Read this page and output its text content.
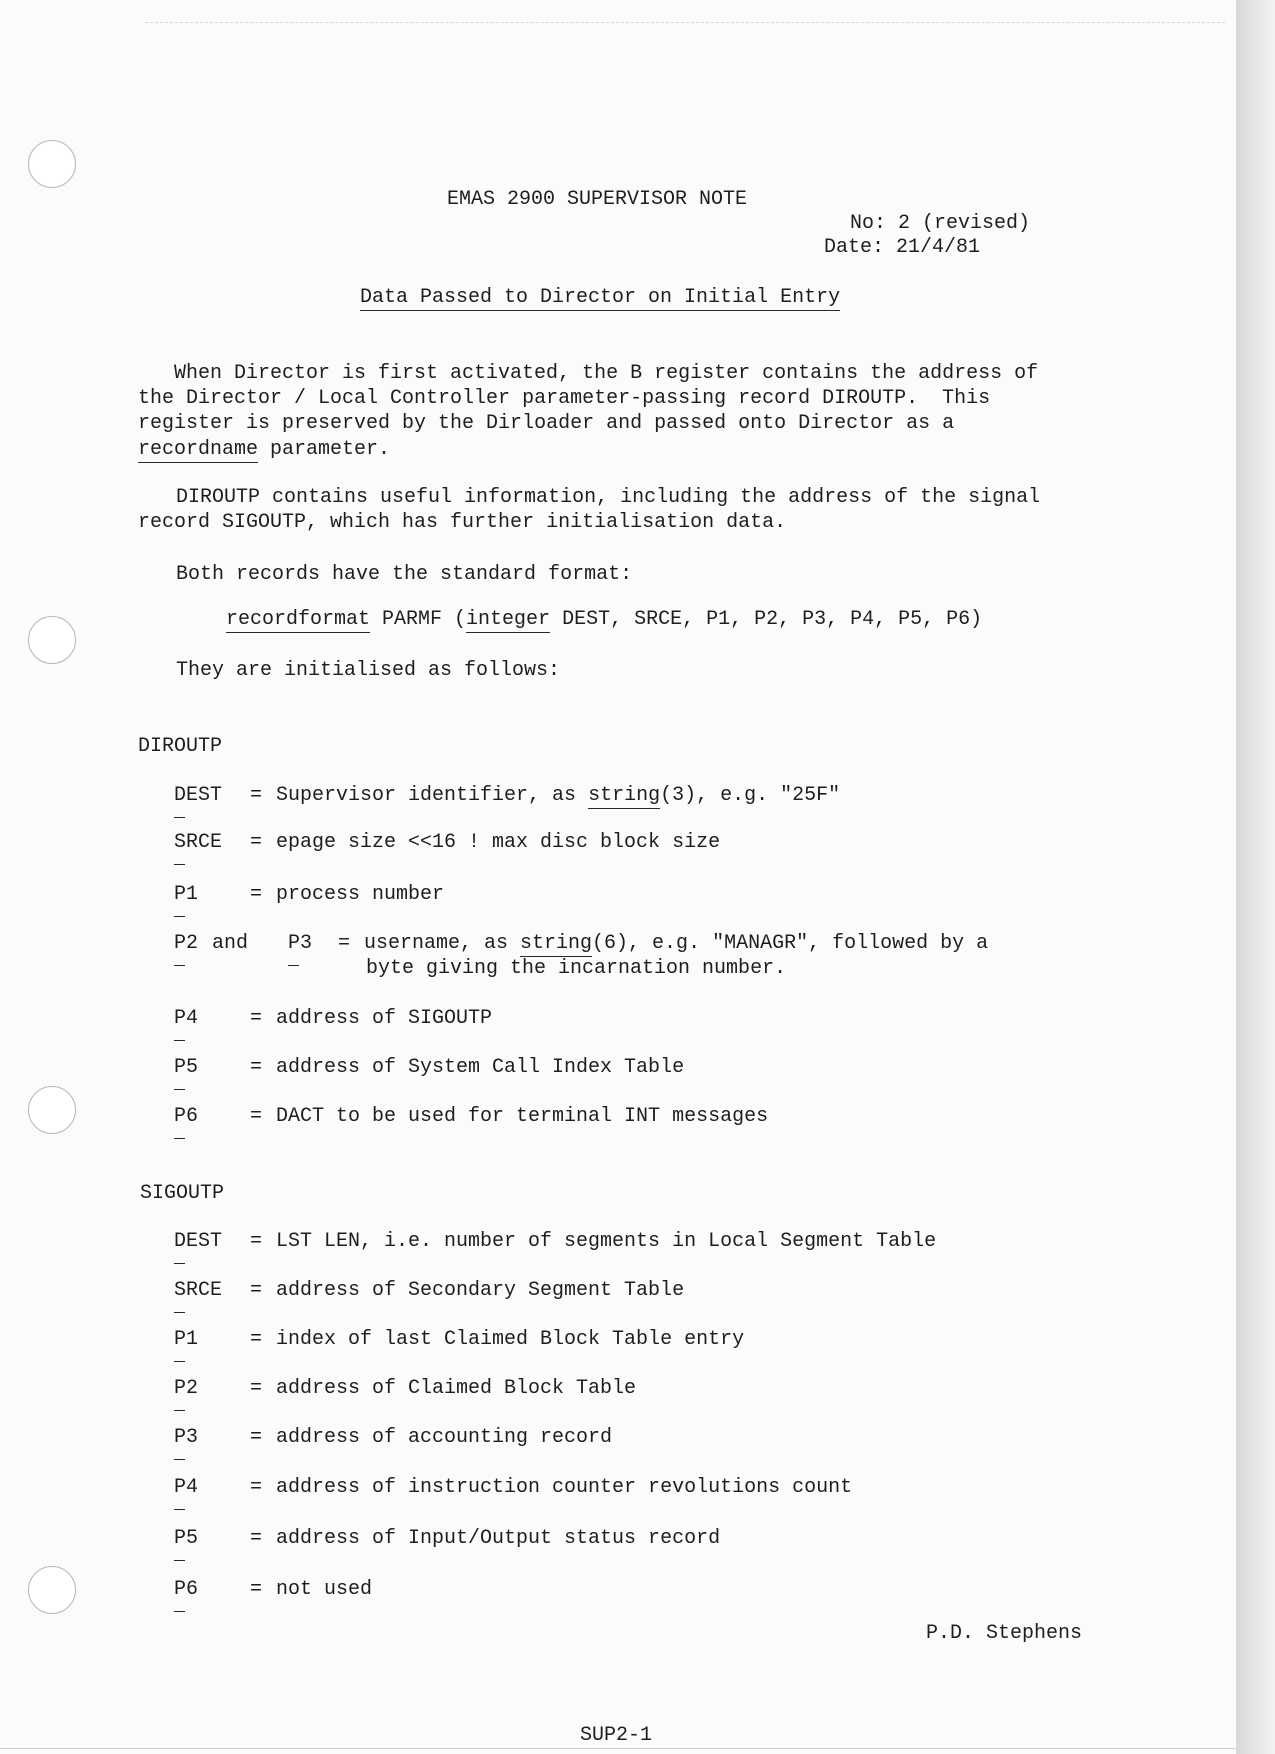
EMAS 2900 SUPERVISOR NOTE
No: 2 (revised)
Date: 21/4/81
Data Passed to Director on Initial Entry
When Director is first activated, the B register contains the address of
the Director / Local Controller parameter-passing record DIROUTP.  This
register is preserved by the Dirloader and passed onto Director as a
recordname parameter.
DIROUTP contains useful information, including the address of the signal
record SIGOUTP, which has further initialisation data.
Both records have the standard format:
recordformat PARMF (integer DEST, SRCE, P1, P2, P3, P4, P5, P6)
They are initialised as follows:
DIROUTP
DEST = Supervisor identifier, as string(3), e.g. "25F"
SRCE = epage size <<16 ! max disc block size
P1	= process number
P2 and P3 = username, as string(6), e.g. "MANAGR", followed by a
byte giving the incarnation number.
P4	= address of SIGOUTP
P5	= address of System Call Index Table
P6	= DACT to be used for terminal INT messages
SIGOUTP
DEST = LST LEN, i.e. number of segments in Local Segment Table
SRCE = address of Secondary Segment Table
P1	= index of last Claimed Block Table entry
P2	= address of Claimed Block Table
P3	= address of accounting record
P4	= address of instruction counter revolutions count
P5	= address of Input/Output status record
P6	= not used
P.D. Stephens
SUP2-1
